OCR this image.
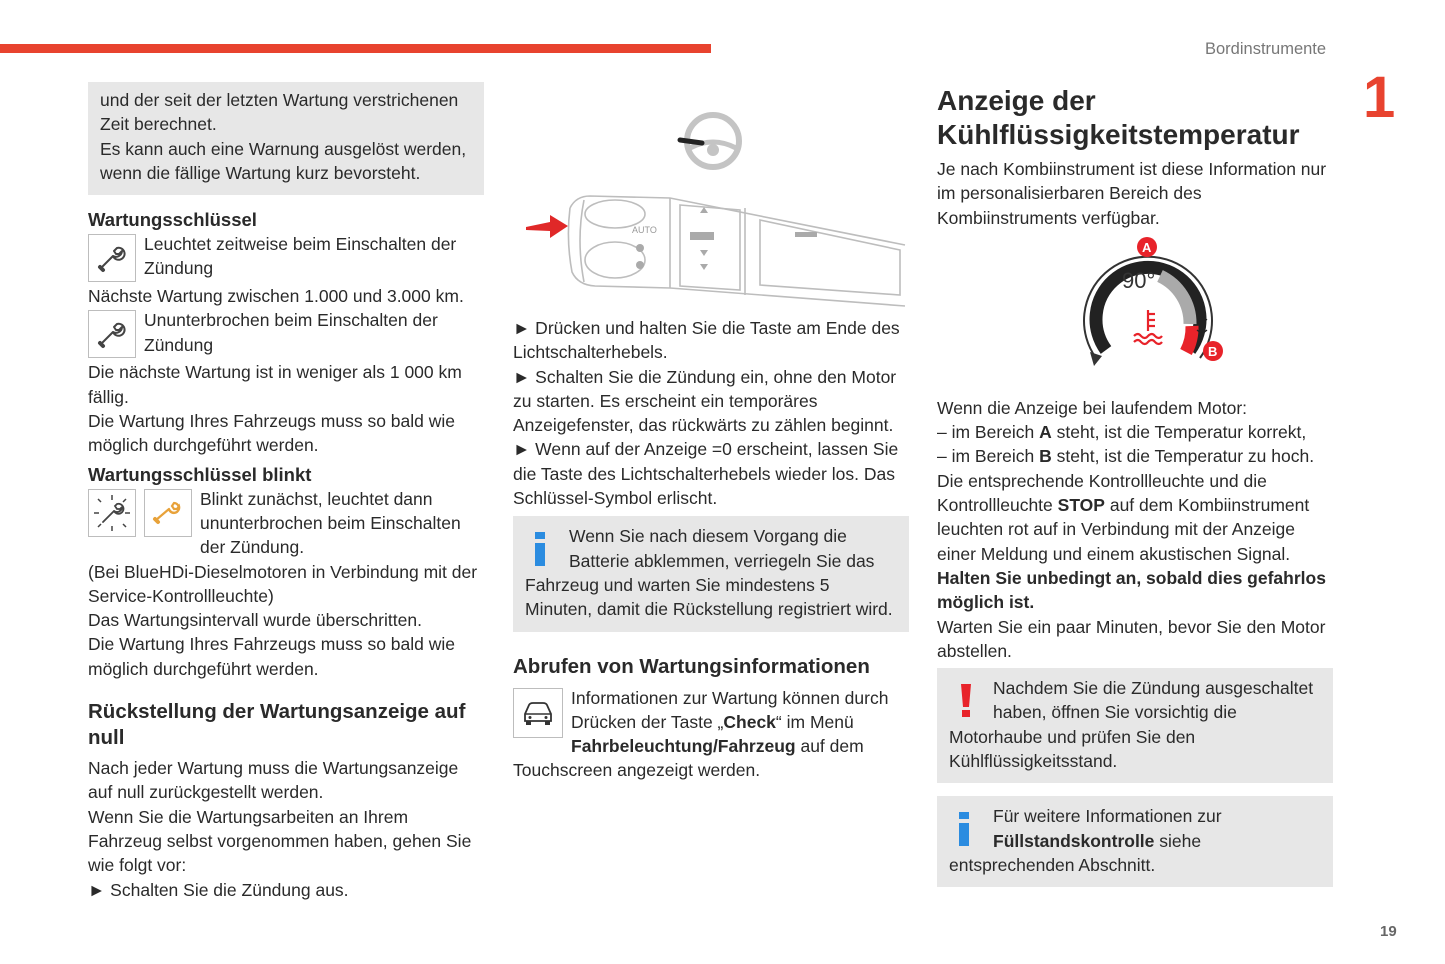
Bordinstrumente
1
19

und der seit der letzten Wartung verstrichenen Zeit berechnet.

Es kann auch eine Warnung ausgelöst werden, wenn die fällige Wartung kurz bevorsteht.

Wartungsschlüssel

Leuchtet zeitweise beim Einschalten der Zündung

Nächste Wartung zwischen 1.000 und 3.000 km.

Ununterbrochen beim Einschalten der Zündung

Die nächste Wartung ist in weniger als 1 000 km fällig.

Die Wartung Ihres Fahrzeugs muss so bald wie möglich durchgeführt werden.

Wartungsschlüssel blinkt

Blinkt zunächst, leuchtet dann ununterbrochen beim Einschalten der Zündung.

(Bei BlueHDi-Dieselmotoren in Verbindung mit der Service-Kontrollleuchte)

Das Wartungsintervall wurde überschritten.

Die Wartung Ihres Fahrzeugs muss so bald wie möglich durchgeführt werden.

Rückstellung der Wartungsanzeige auf null

Nach jeder Wartung muss die Wartungsanzeige auf null zurückgestellt werden.

Wenn Sie die Wartungsarbeiten an Ihrem Fahrzeug selbst vorgenommen haben, gehen Sie wie folgt vor:

► Schalten Sie die Zündung aus.

AUTO

► Drücken und halten Sie die Taste am Ende des Lichtschalterhebels.

► Schalten Sie die Zündung ein, ohne den Motor zu starten. Es erscheint ein temporäres Anzeigefenster, das rückwärts zu zählen beginnt.

► Wenn auf der Anzeige =0 erscheint, lassen Sie die Taste des Lichtschalterhebels wieder los. Das Schlüssel-Symbol erlischt.

Wenn Sie nach diesem Vorgang die Batterie abklemmen, verriegeln Sie das Fahrzeug und warten Sie mindestens 5 Minuten, damit die Rückstellung registriert wird.

Abrufen von Wartungsinformationen

Informationen zur Wartung können durch Drücken der Taste „Check“ im Menü Fahrbeleuchtung/Fahrzeug auf dem Touchscreen angezeigt werden.

Anzeige der Kühlflüssigkeitstemperatur

Je nach Kombiinstrument ist diese Information nur im personalisierbaren Bereich des Kombiinstruments verfügbar.

90°
A
B

Wenn die Anzeige bei laufendem Motor:

– im Bereich A steht, ist die Temperatur korrekt,

– im Bereich B steht, ist die Temperatur zu hoch. Die entsprechende Kontrollleuchte und die Kontrollleuchte STOP auf dem Kombiinstrument leuchten rot auf in Verbindung mit der Anzeige einer Meldung und einem akustischen Signal.

Halten Sie unbedingt an, sobald dies gefahrlos möglich ist.

Warten Sie ein paar Minuten, bevor Sie den Motor abstellen.

Nachdem Sie die Zündung ausgeschaltet haben, öffnen Sie vorsichtig die Motorhaube und prüfen Sie den Kühlflüssigkeitsstand.

Für weitere Informationen zur Füllstandskontrolle siehe entsprechenden Abschnitt.
